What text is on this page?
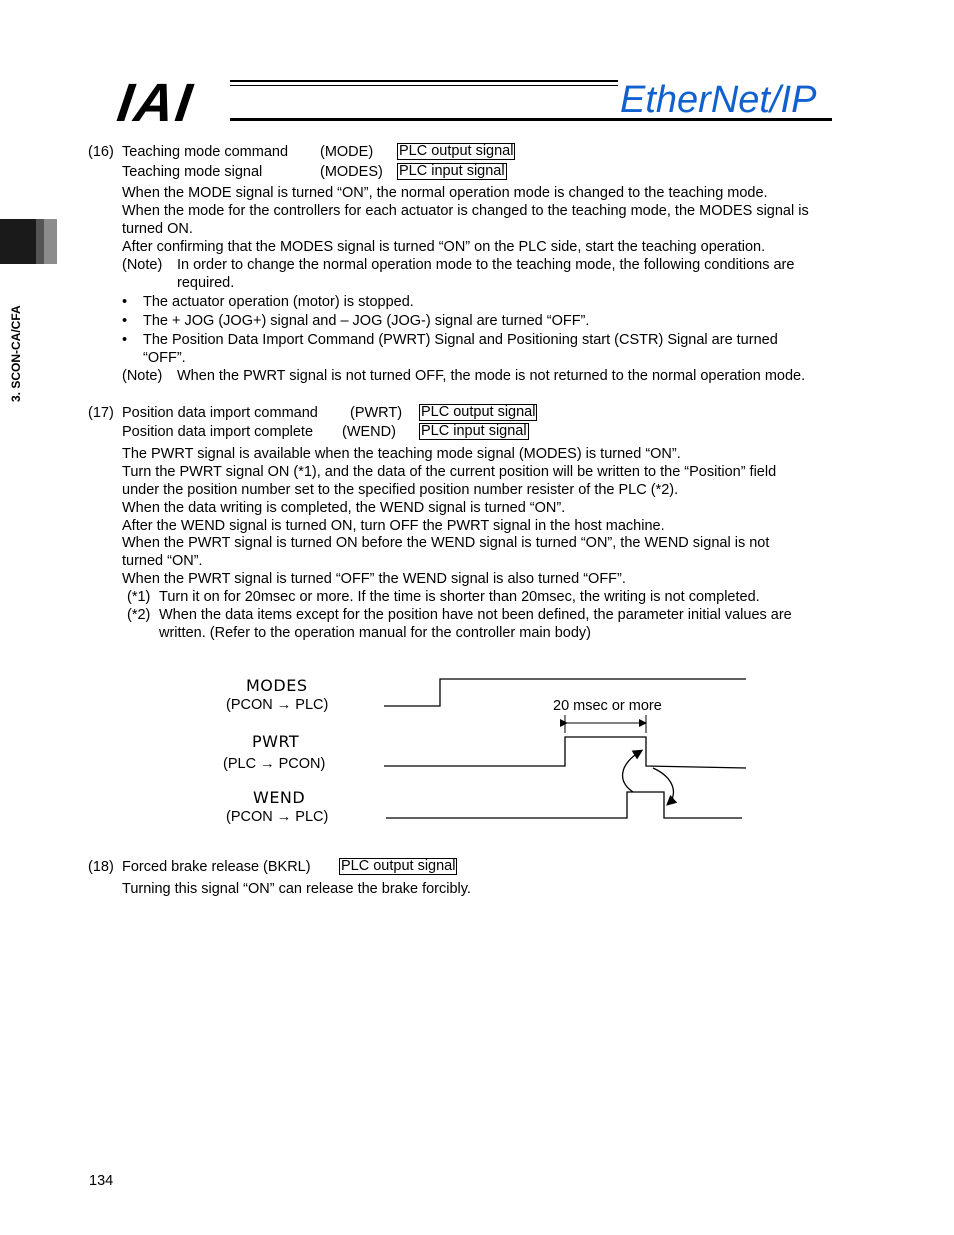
IAI	EtherNet/IP
3. SCON-CA/CFA
(16) Teaching mode command (MODE) PLC output signal
Teaching mode signal	(MODES) PLC input signal
When the MODE signal is turned “ON”, the normal operation mode is changed to the teaching mode.
When the mode for the controllers for each actuator is changed to the teaching mode, the MODES signal is
turned ON.
After confirming that the MODES signal is turned “ON” on the PLC side, start the teaching operation.
(Note) In order to change the normal operation mode to the teaching mode, the following conditions are
required.
• The actuator operation (motor) is stopped.
• The + JOG (JOG+) signal and – JOG (JOG-) signal are turned “OFF”.
• The Position Data Import Command (PWRT) Signal and Positioning start (CSTR) Signal are turned
“OFF”.
(Note) When the PWRT signal is not turned OFF, the mode is not returned to the normal operation mode.
(17) Position data import command (PWRT) PLC output signal
Position data import complete (WEND) PLC input signal
The PWRT signal is available when the teaching mode signal (MODES) is turned “ON”.
Turn the PWRT signal ON (*1), and the data of the current position will be written to the “Position” field
under the position number set to the specified position number resister of the PLC (*2).
When the data writing is completed, the WEND signal is turned “ON”.
After the WEND signal is turned ON, turn OFF the PWRT signal in the host machine.
When the PWRT signal is turned ON before the WEND signal is turned “ON”, the WEND signal is not
turned “ON”.
When the PWRT signal is turned “OFF” the WEND signal is also turned “OFF”.
(*1) Turn it on for 20msec or more. If the time is shorter than 20msec, the writing is not completed.
(*2) When the data items except for the position have not been defined, the parameter initial values are
written. (Refer to the operation manual for the controller main body)
MODES
(PCON → PLC)
PWRT
(PLC → PCON)
WEND
(PCON → PLC)
20 msec or more
(18) Forced brake release (BKRL) PLC output signal
Turning this signal “ON” can release the brake forcibly.
134
